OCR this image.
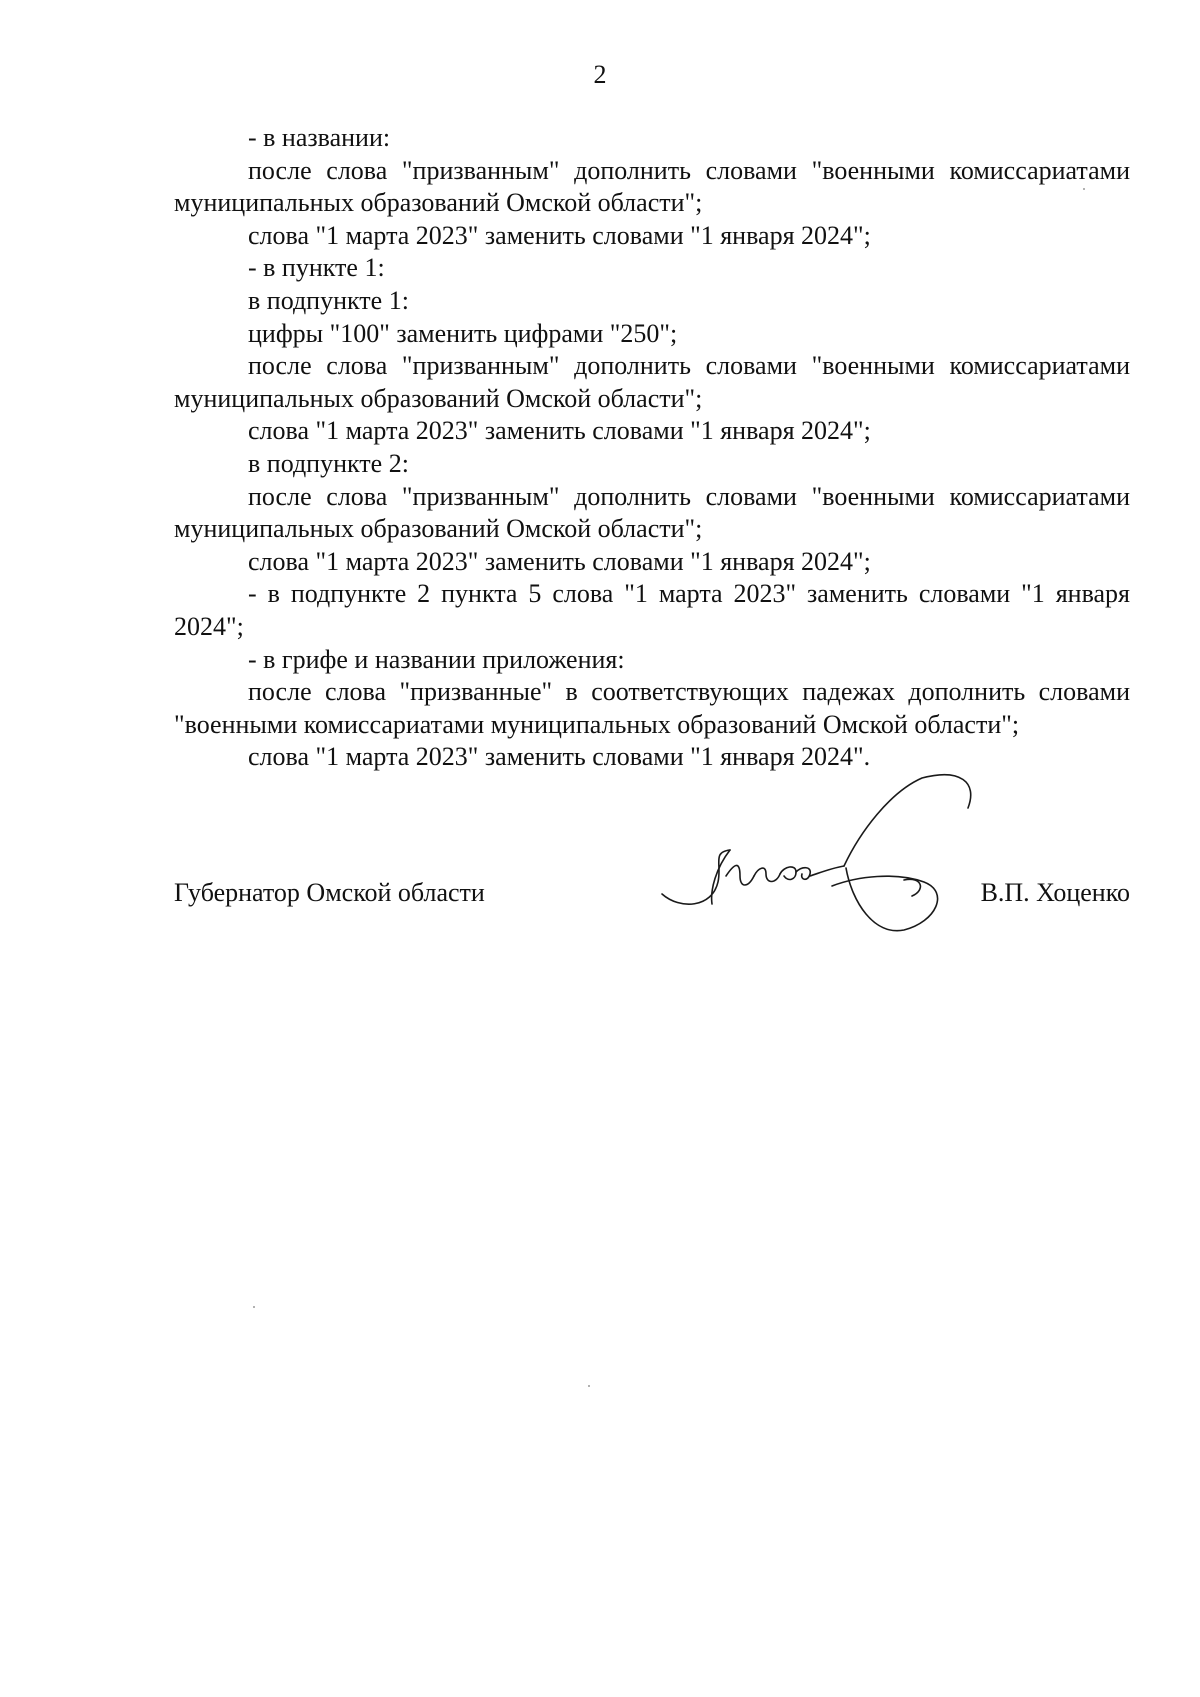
2

- в названии:

после слова "призванным" дополнить словами "военными комиссариатами муниципальных образований Омской области";

слова "1 марта 2023" заменить словами "1 января 2024";

- в пункте 1:

в подпункте 1:

цифры "100" заменить цифрами "250";

после слова "призванным" дополнить словами "военными комиссариатами муниципальных образований Омской области";

слова "1 марта 2023" заменить словами "1 января 2024";

в подпункте 2:

после слова "призванным" дополнить словами "военными комиссариатами муниципальных образований Омской области";

слова "1 марта 2023" заменить словами "1 января 2024";

- в подпункте 2 пункта 5 слова "1 марта 2023" заменить словами "1 января 2024";

- в грифе и названии приложения:

после слова "призванные" в соответствующих падежах дополнить словами "военными комиссариатами муниципальных образований Омской области";

слова "1 марта 2023" заменить словами "1 января 2024".

Губернатор Омской области	В.П. Хоценко
